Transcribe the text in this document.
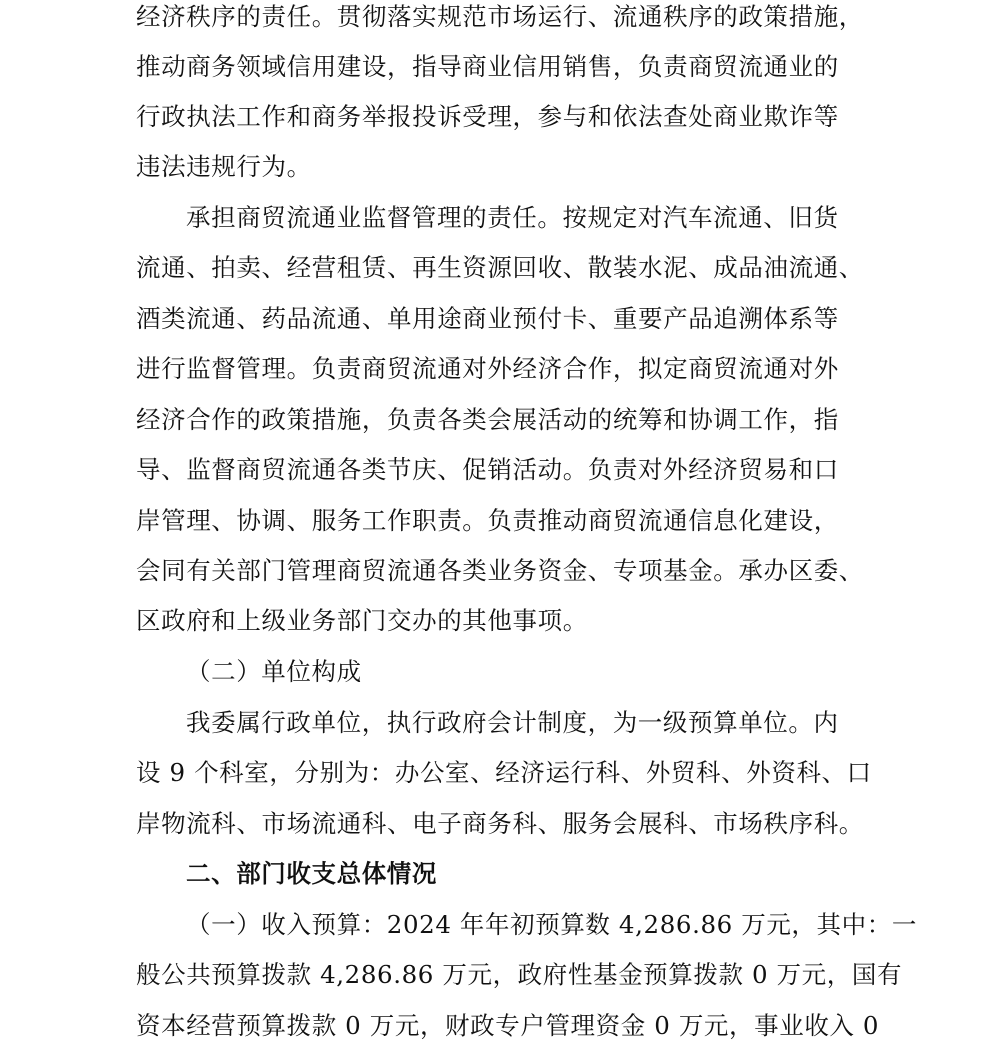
经济秩序的责任。贯彻落实规范市场运行、流通秩序的政策措施，
推动商务领域信用建设，指导商业信用销售，负责商贸流通业的
行政执法工作和商务举报投诉受理，参与和依法查处商业欺诈等
违法违规行为。
承担商贸流通业监督管理的责任。按规定对汽车流通、旧货
流通、拍卖、经营租赁、再生资源回收、散装水泥、成品油流通、
酒类流通、药品流通、单用途商业预付卡、重要产品追溯体系等
进行监督管理。负责商贸流通对外经济合作，拟定商贸流通对外
经济合作的政策措施，负责各类会展活动的统筹和协调工作，指
导、监督商贸流通各类节庆、促销活动。负责对外经济贸易和口
岸管理、协调、服务工作职责。负责推动商贸流通信息化建设，
会同有关部门管理商贸流通各类业务资金、专项基金。承办区委、
区政府和上级业务部门交办的其他事项。
（二）单位构成
我委属行政单位，执行政府会计制度，为一级预算单位。内
设 9 个科室，分别为：办公室、经济运行科、外贸科、外资科、口
岸物流科、市场流通科、电子商务科、服务会展科、市场秩序科。
二、部门收支总体情况
（一）收入预算：2024 年年初预算数 4,286.86 万元，其中：一
般公共预算拨款 4,286.86 万元，政府性基金预算拨款 0 万元，国有
资本经营预算拨款 0 万元，财政专户管理资金 0 万元，事业收入 0
